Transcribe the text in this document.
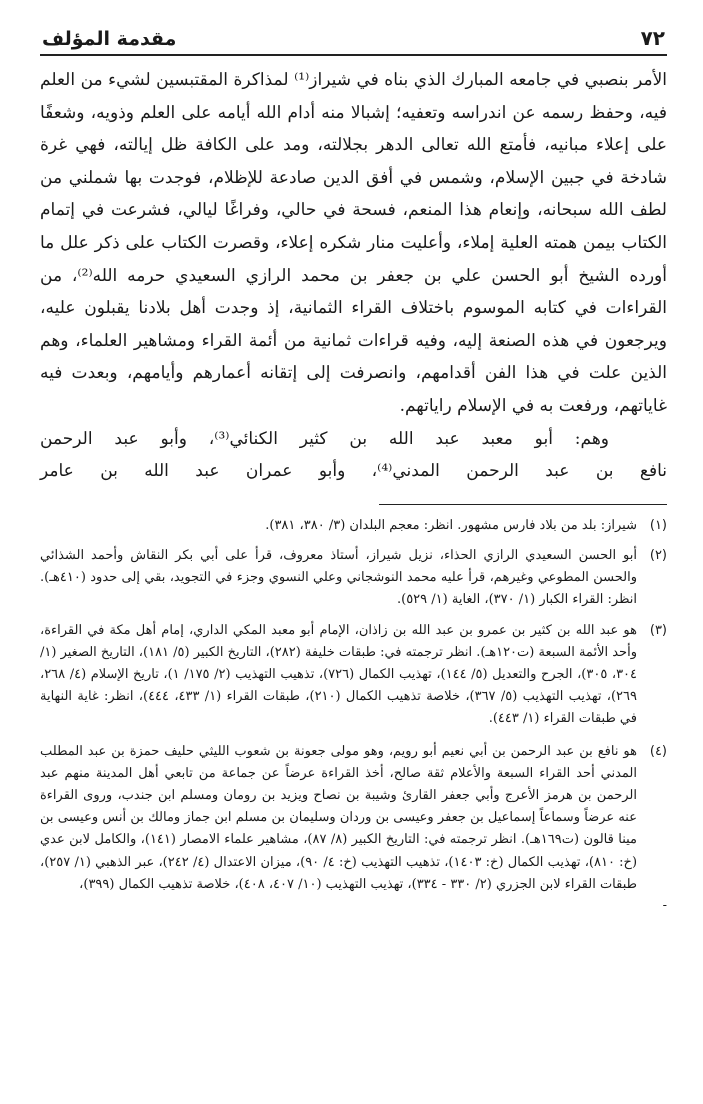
٧٢
مقدمة المؤلف

الأمر بنصبي في جامعه المبارك الذي بناه في شيراز⁽¹⁾ لمذاكرة المقتبسين لشيء من العلم فيه، وحفظ رسمه عن اندراسه وتعفيه؛ إشبالا منه أدام الله أيامه على العلم وذويه، وشعفًا على إعلاء مبانيه، فأمتع الله تعالى الدهر بجلالته، ومد على الكافة ظل إيالته، فهي غرة شادخة في جبين الإسلام، وشمس في أفق الدين صادعة للإظلام، فوجدت بها شملني من لطف الله سبحانه، وإنعام هذا المنعم، فسحة في حالي، وفراغًا ليالي، فشرعت في إتمام الكتاب بيمن همته العلية إملاء، وأعليت منار شكره إعلاء، وقصرت الكتاب على ذكر علل ما أورده الشيخ أبو الحسن علي بن جعفر بن محمد الرازي السعيدي حرمه الله⁽²⁾، من القراءات في كتابه الموسوم باختلاف القراء الثمانية، إذ وجدت أهل بلادنا يقبلون عليه، ويرجعون في هذه الصنعة إليه، وفيه قراءات ثمانية من أئمة القراء ومشاهير العلماء، وهم الذين علت في هذا الفن أقدامهم، وانصرفت إلى إتقانه أعمارهم وأيامهم، وبعدت فيه غاياتهم، ورفعت به في الإسلام راياتهم.

وهم: أبو معبد عبد الله بن كثير الكنائي⁽³⁾، وأبو عبد الرحمن

نافع بن عبد الرحمن المدني⁽⁴⁾، وأبو عمران عبد الله بن عامر

(١)
شيراز: بلد من بلاد فارس مشهور. انظر: معجم البلدان (٣/ ٣٨٠، ٣٨١).
(٢)
أبو الحسن السعيدي الرازي الحذاء، نزيل شيراز، أستاذ معروف، قرأ على أبي بكر النقاش وأحمد الشذائي والحسن المطوعي وغيرهم، قرأ عليه محمد النوشجاني وعلي النسوي وجزء في التجويد، بقي إلى حدود (٤١٠هـ). انظر: القراء الكبار (١/ ٣٧٠)، الغاية (١/ ٥٢٩).
(٣)
هو عبد الله بن كثير بن عمرو بن عبد الله بن زاذان، الإمام أبو معبد المكي الداري، إمام أهل مكة في القراءة، وأحد الأئمة السبعة (ت١٢٠هـ). انظر ترجمته في: طبقات خليفة (٢٨٢)، التاريخ الكبير (٥/ ١٨١)، التاريخ الصغير (١/ ٣٠٤، ٣٠٥)، الجرح والتعديل (٥/ ١٤٤)، تهذيب الكمال (٧٢٦)، تذهيب التهذيب (٢/ ١٧٥/ ١)، تاريخ الإسلام (٤/ ٢٦٨، ٢٦٩)، تهذيب التهذيب (٥/ ٣٦٧)، خلاصة تذهيب الكمال (٢١٠)، طبقات القراء (١/ ٤٣٣، ٤٤٤)، انظر: غاية النهاية في طبقات القراء (١/ ٤٤٣).
(٤)
هو نافع بن عبد الرحمن بن أبي نعيم أبو رويم، وهو مولى جعونة بن شعوب الليثي حليف حمزة بن عبد المطلب المدني أحد القراء السبعة والأعلام ثقة صالح، أخذ القراءة عرضاً عن جماعة من تابعي أهل المدينة منهم عبد الرحمن بن هرمز الأعرج وأبي جعفر القارئ وشيبة بن نصاح ويزيد بن رومان ومسلم ابن جندب، وروى القراءة عنه عرضاً وسماعاً إسماعيل بن جعفر وعيسى بن وردان وسليمان بن مسلم ابن جماز ومالك بن أنس وعيسى بن مينا قالون (ت١٦٩هـ). انظر ترجمته في: التاريخ الكبير (٨/ ٨٧)، مشاهير علماء الامصار (١٤١)، والكامل لابن عدي (خ: ٨١٠)، تهذيب الكمال (خ: ١٤٠٣)، تذهيب التهذيب (خ: ٤/ ٩٠)، ميزان الاعتدال (٤/ ٢٤٢)، عبر الذهبي (١/ ٢٥٧)، طبقات القراء لابن الجزري (٢/ ٣٣٠ - ٣٣٤)، تهذيب التهذيب (١٠/ ٤٠٧، ٤٠٨)، خلاصة تذهيب الكمال (٣٩٩)،
-
